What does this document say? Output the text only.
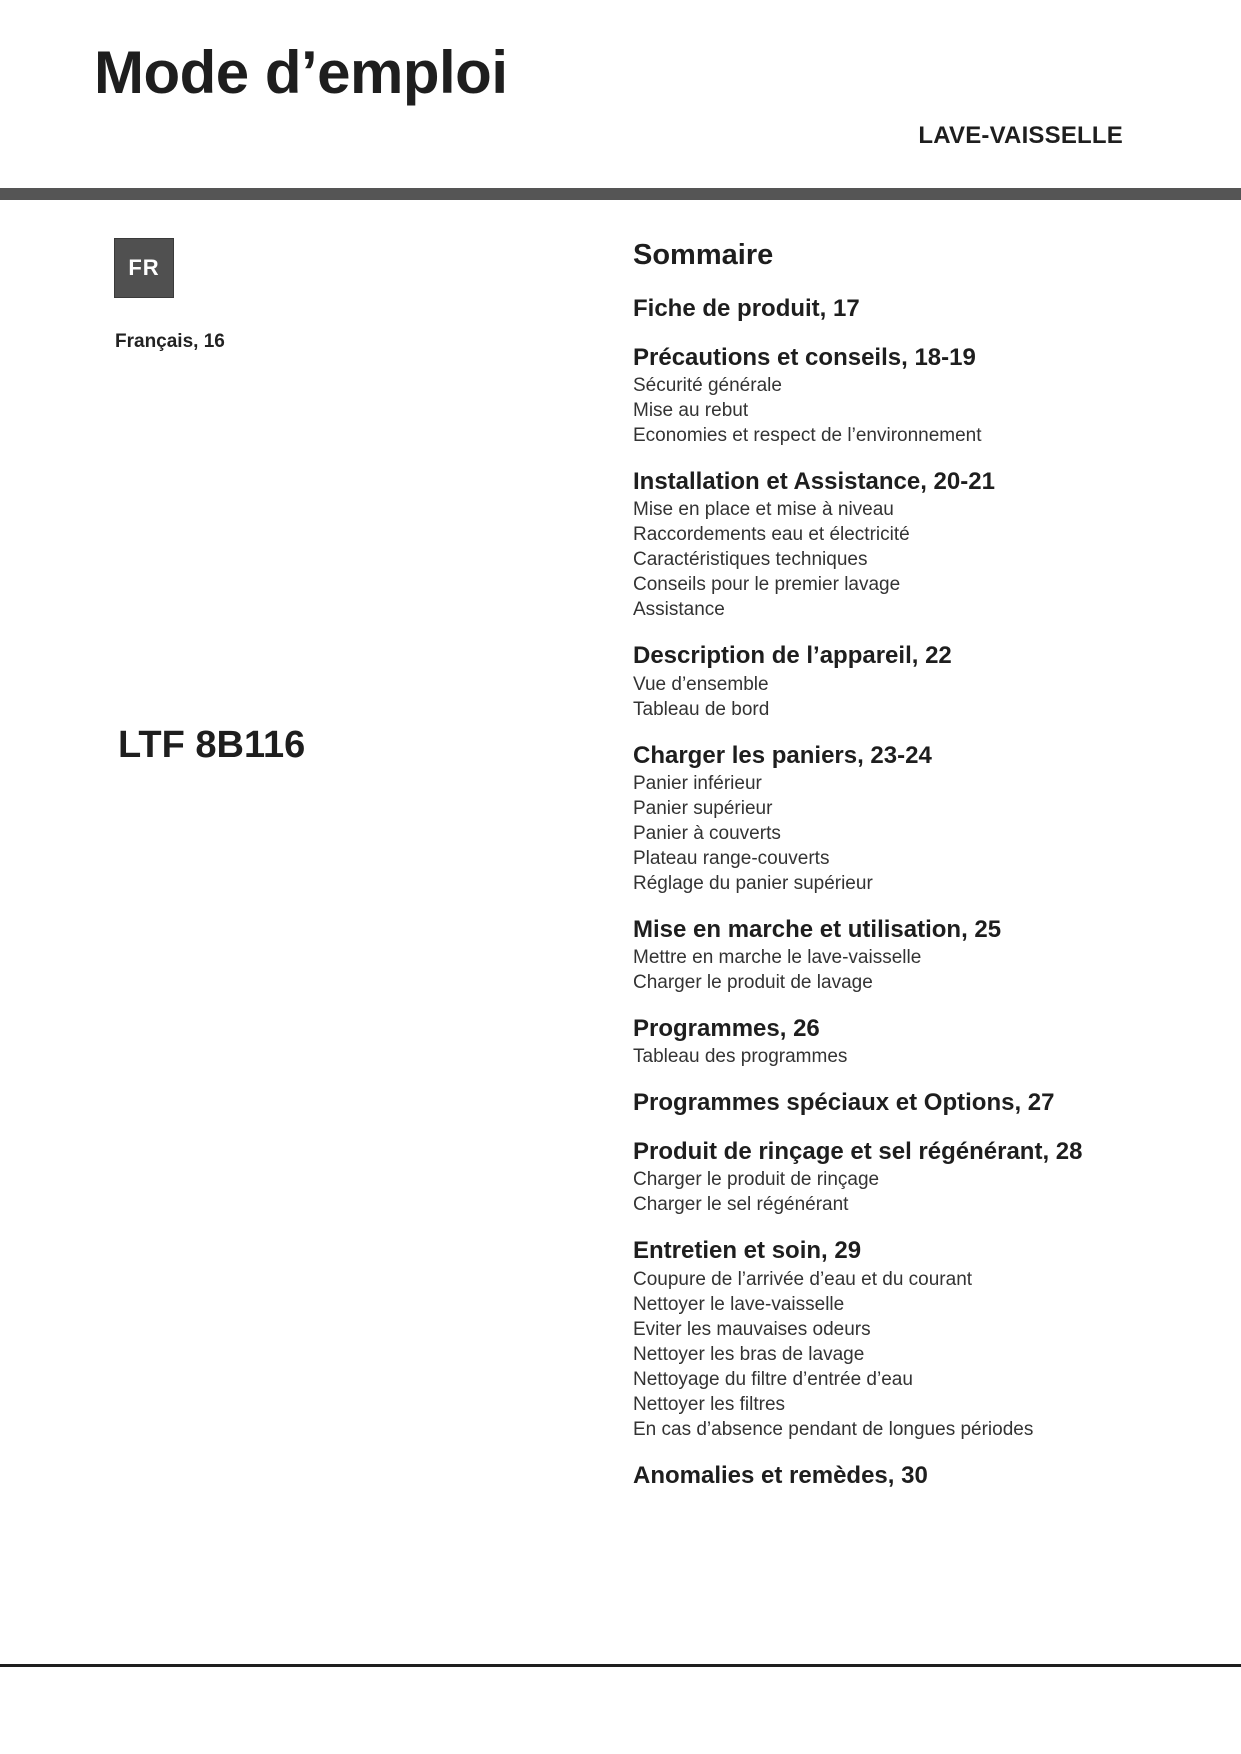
Mode d’emploi
LAVE-VAISSELLE
FR
Français, 16
LTF 8B116
Sommaire
Fiche de produit, 17
Précautions et conseils, 18-19
Sécurité générale
Mise au rebut
Economies et respect de l’environnement
Installation et Assistance, 20-21
Mise en place et mise à niveau
Raccordements eau et électricité
Caractéristiques techniques
Conseils pour le premier lavage
Assistance
Description de l’appareil, 22
Vue d’ensemble
Tableau de bord
Charger les paniers, 23-24
Panier inférieur
Panier supérieur
Panier à couverts
Plateau range-couverts
Réglage du panier supérieur
Mise en marche et utilisation, 25
Mettre en marche le lave-vaisselle
Charger le produit de lavage
Programmes, 26
Tableau des programmes
Programmes spéciaux et Options, 27
Produit de rinçage et sel régénérant, 28
Charger le produit de rinçage
Charger le sel régénérant
Entretien et soin, 29
Coupure de l’arrivée d’eau et du courant
Nettoyer le lave-vaisselle
Eviter les mauvaises odeurs
Nettoyer les bras de lavage
Nettoyage du filtre d’entrée d’eau
Nettoyer les filtres
En cas d’absence pendant de longues périodes
Anomalies et remèdes, 30
